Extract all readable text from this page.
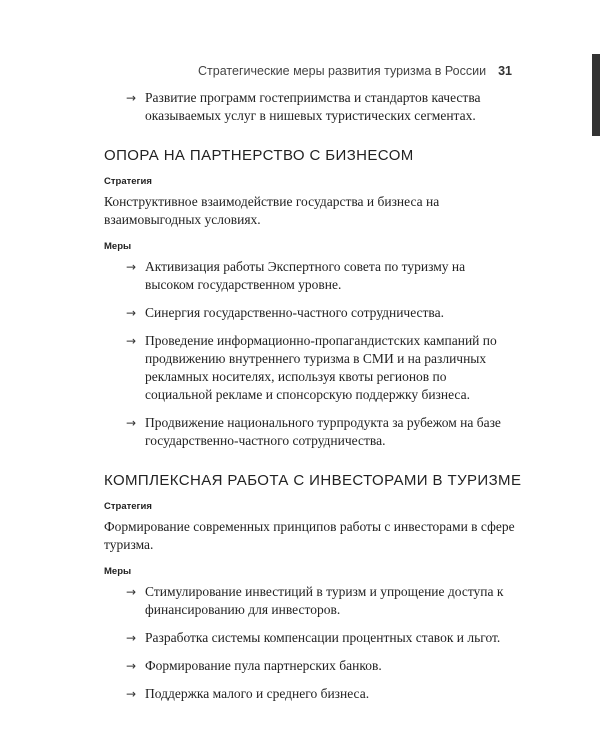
Стратегические меры развития туризма в России 31
→ Развитие программ гостеприимства и стандартов качества оказываемых услуг в нишевых туристических сегментах.
ОПОРА НА ПАРТНЕРСТВО С БИЗНЕСОМ
Стратегия

Конструктивное взаимодействие государства и бизнеса на взаимовыгодных условиях.

Меры
→ Активизация работы Экспертного совета по туризму на высоком государственном уровне.
→ Синергия государственно-частного сотрудничества.
→ Проведение информационно-пропагандистских кампаний по продвижению внутреннего туризма в СМИ и на различных рекламных носителях, используя квоты регионов по социальной рекламе и спонсорскую поддержку бизнеса.
→ Продвижение национального турпродукта за рубежом на базе государственно-частного сотрудничества.
КОМПЛЕКСНАЯ РАБОТА С ИНВЕСТОРАМИ В ТУРИЗМЕ
Стратегия

Формирование современных принципов работы с инвесторами в сфере туризма.

Меры
→ Стимулирование инвестиций в туризм и упрощение доступа к финансированию для инвесторов.
→ Разработка системы компенсации процентных ставок и льгот.
→ Формирование пула партнерских банков.
→ Поддержка малого и среднего бизнеса.
